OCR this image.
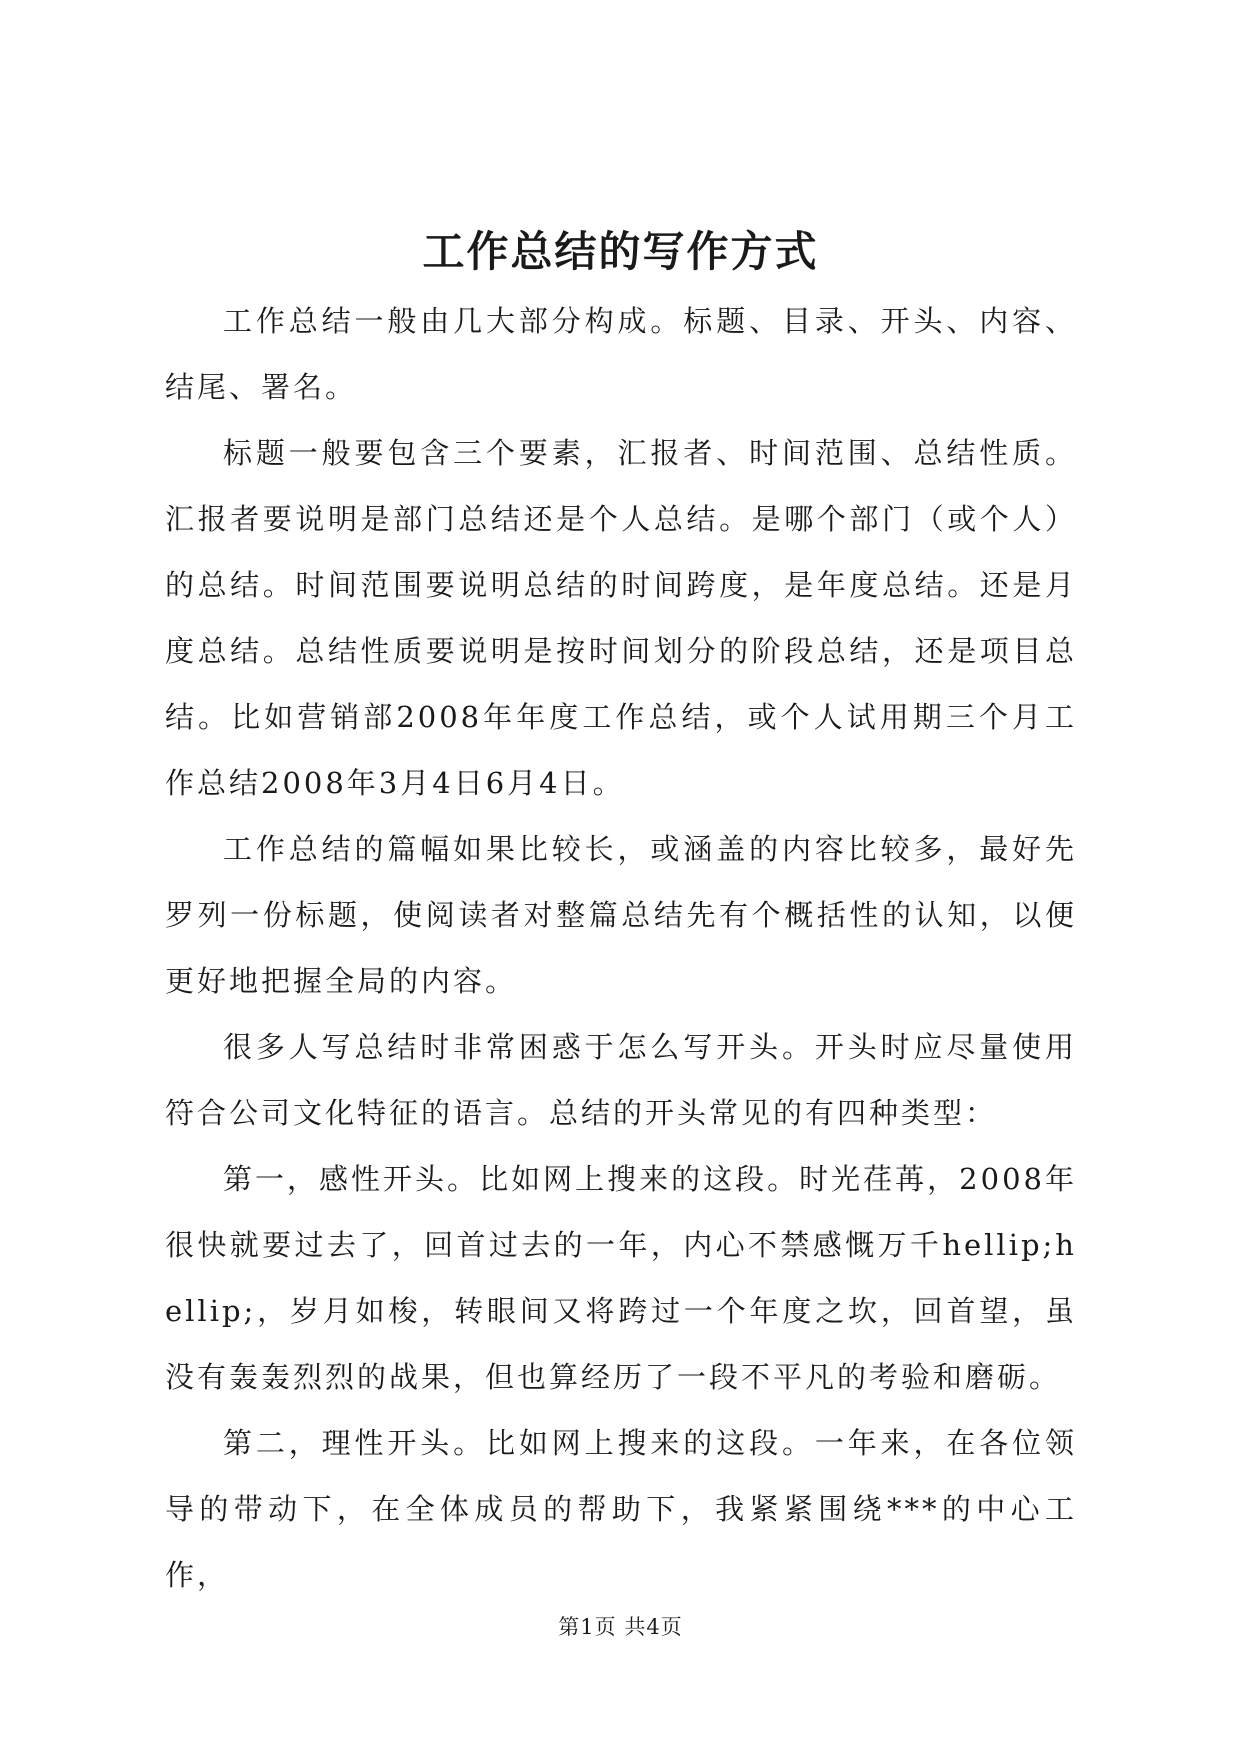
工作总结的写作方式

工作总结一般由几大部分构成。标题、目录、开头、内容、结尾、署名。

标题一般要包含三个要素，汇报者、时间范围、总结性质。汇报者要说明是部门总结还是个人总结。是哪个部门（或个人）的总结。时间范围要说明总结的时间跨度，是年度总结。还是月度总结。总结性质要说明是按时间划分的阶段总结，还是项目总结。比如营销部2008年年度工作总结，或个人试用期三个月工作总结2008年3月4日6月4日。

工作总结的篇幅如果比较长，或涵盖的内容比较多，最好先罗列一份标题，使阅读者对整篇总结先有个概括性的认知，以便更好地把握全局的内容。

很多人写总结时非常困惑于怎么写开头。开头时应尽量使用符合公司文化特征的语言。总结的开头常见的有四种类型：

第一，感性开头。比如网上搜来的这段。时光荏苒，2008年很快就要过去了，回首过去的一年，内心不禁感慨万千hellip;hellip;，岁月如梭，转眼间又将跨过一个年度之坎，回首望，虽没有轰轰烈烈的战果，但也算经历了一段不平凡的考验和磨砺。

第二，理性开头。比如网上搜来的这段。一年来，在各位领导的带动下，在全体成员的帮助下，我紧紧围绕***的中心工作，

第1页 共4页
